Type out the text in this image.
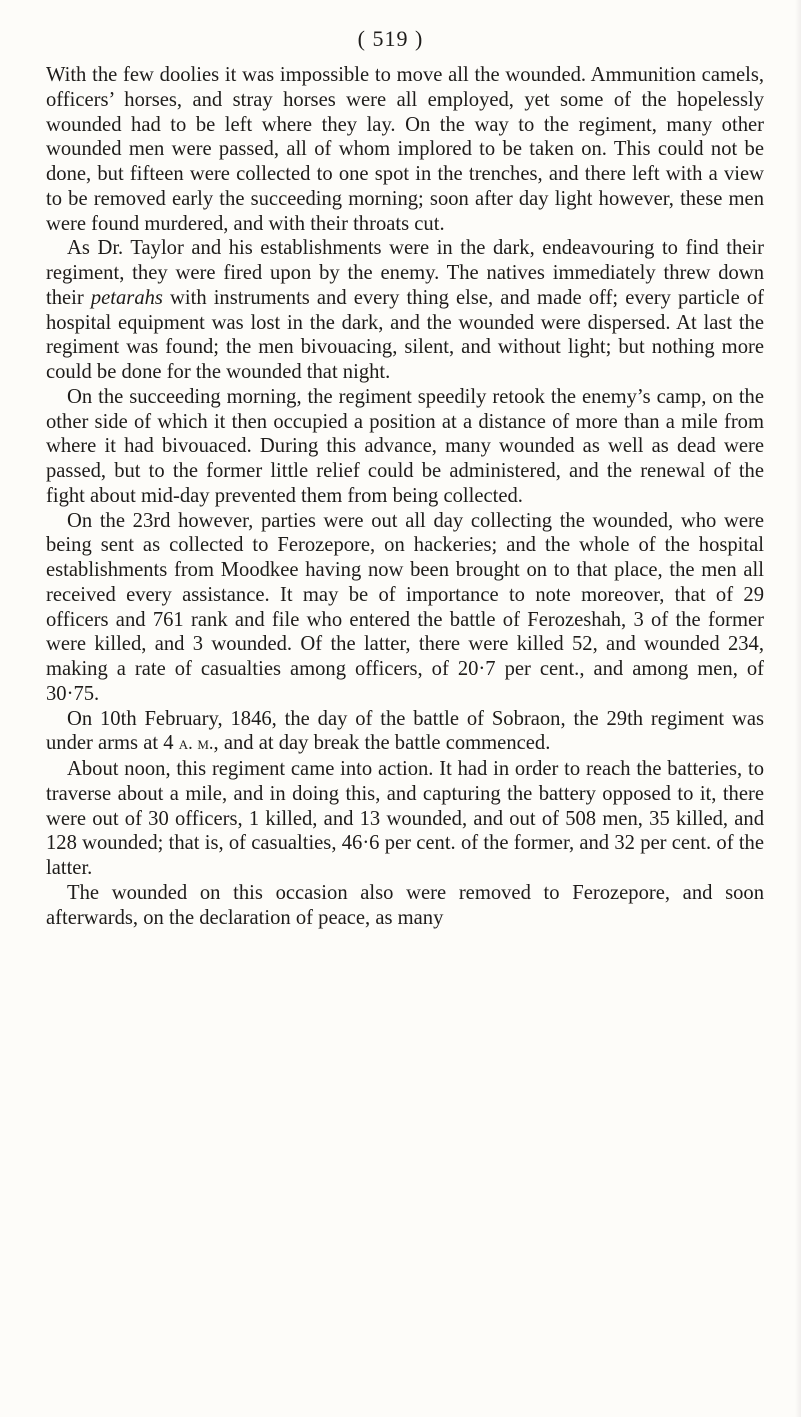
( 519 )

With the few doolies it was impossible to move all the wounded. Ammunition camels, officers’ horses, and stray horses were all employed, yet some of the hopelessly wounded had to be left where they lay. On the way to the regiment, many other wounded men were passed, all of whom implored to be taken on. This could not be done, but fifteen were collected to one spot in the trenches, and there left with a view to be removed early the succeeding morning; soon after day light however, these men were found murdered, and with their throats cut.

As Dr. Taylor and his establishments were in the dark, endeavouring to find their regiment, they were fired upon by the enemy. The natives immediately threw down their petarahs with instruments and every thing else, and made off; every particle of hospital equipment was lost in the dark, and the wounded were dispersed. At last the regiment was found; the men bivouacing, silent, and without light; but nothing more could be done for the wounded that night.

On the succeeding morning, the regiment speedily retook the enemy’s camp, on the other side of which it then occupied a position at a distance of more than a mile from where it had bivouaced. During this advance, many wounded as well as dead were passed, but to the former little relief could be administered, and the renewal of the fight about mid-day prevented them from being collected.

On the 23rd however, parties were out all day collecting the wounded, who were being sent as collected to Ferozepore, on hackeries; and the whole of the hospital establishments from Moodkee having now been brought on to that place, the men all received every assistance. It may be of importance to note moreover, that of 29 officers and 761 rank and file who entered the battle of Ferozeshah, 3 of the former were killed, and 3 wounded. Of the latter, there were killed 52, and wounded 234, making a rate of casualties among officers, of 20·7 per cent., and among men, of 30·75.

On 10th February, 1846, the day of the battle of Sobraon, the 29th regiment was under arms at 4 a. m., and at day break the battle commenced.

About noon, this regiment came into action. It had in order to reach the batteries, to traverse about a mile, and in doing this, and capturing the battery opposed to it, there were out of 30 officers, 1 killed, and 13 wounded, and out of 508 men, 35 killed, and 128 wounded; that is, of casualties, 46·6 per cent. of the former, and 32 per cent. of the latter.

The wounded on this occasion also were removed to Ferozepore, and soon afterwards, on the declaration of peace, as many
